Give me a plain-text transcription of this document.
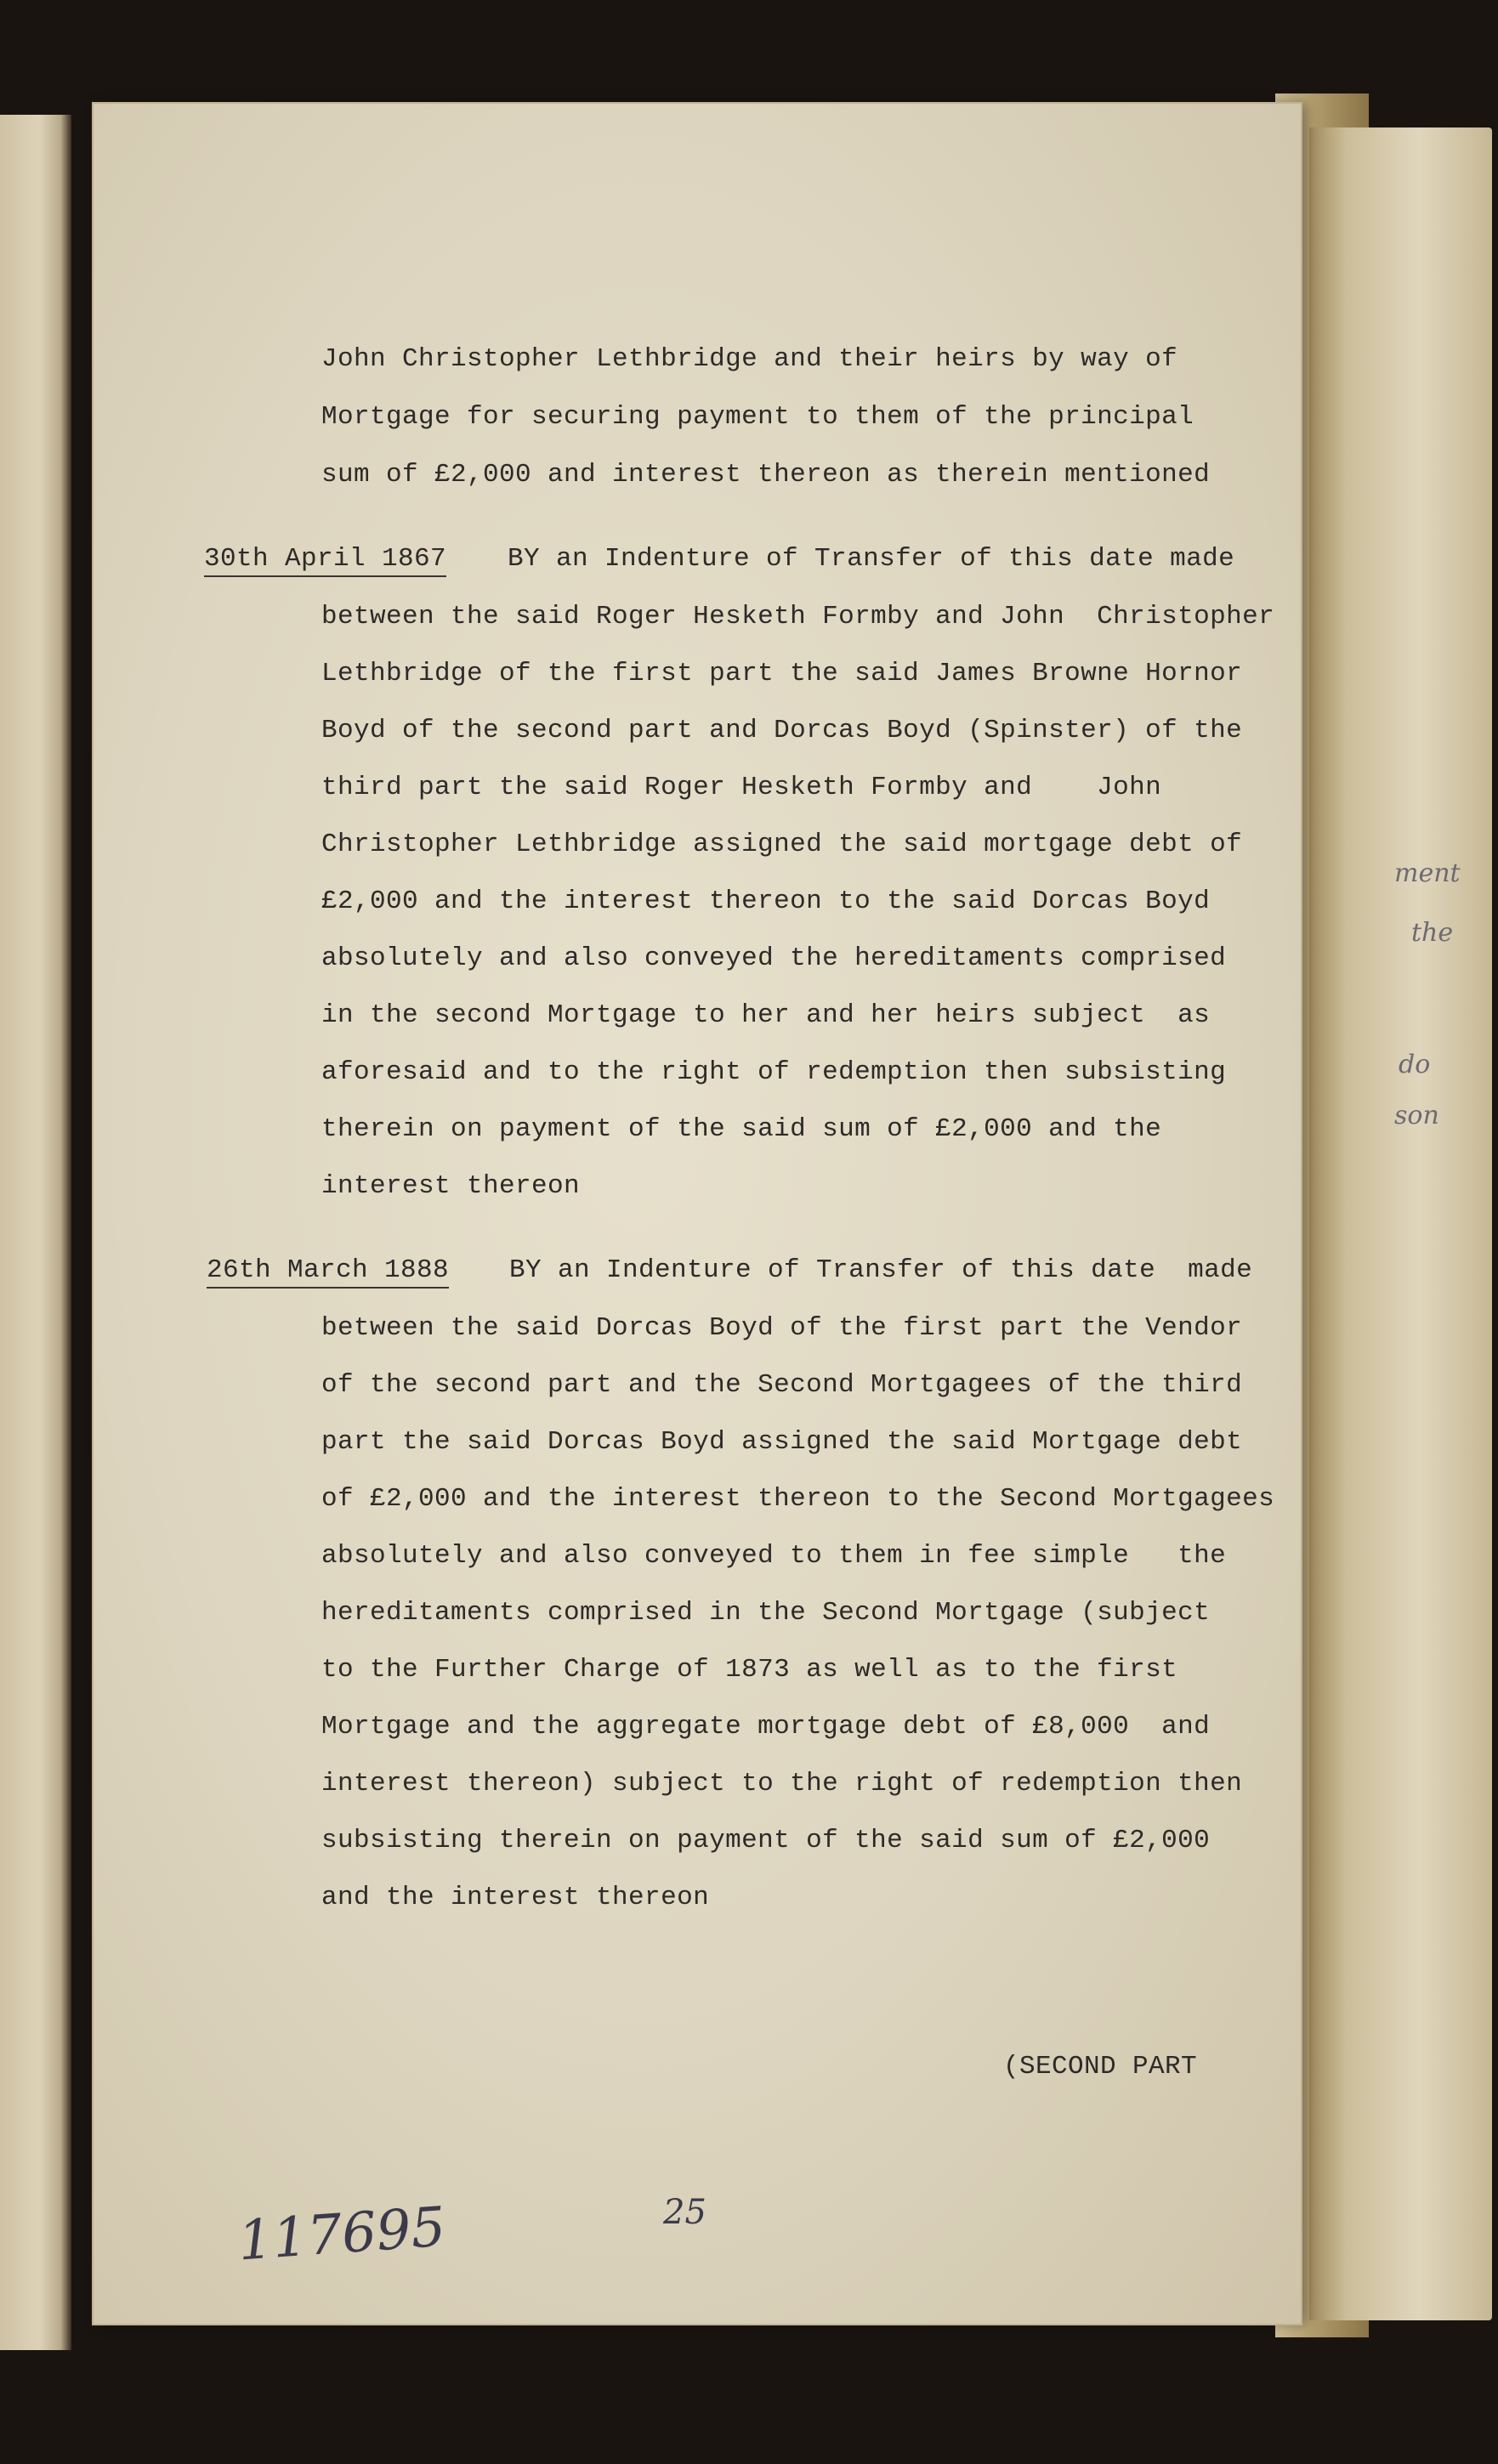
ment
the
do
son
John Christopher Lethbridge and their heirs by way of
Mortgage for securing payment to them of the principal
sum of £2,000 and interest thereon as therein mentioned
30th April 1867 BY an Indenture of Transfer of this date made
between the said Roger Hesketh Formby and John  Christopher
Lethbridge of the first part the said James Browne Hornor
Boyd of the second part and Dorcas Boyd (Spinster) of the
third part the said Roger Hesketh Formby and    John
Christopher Lethbridge assigned the said mortgage debt of
£2,000 and the interest thereon to the said Dorcas Boyd
absolutely and also conveyed the hereditaments comprised
in the second Mortgage to her and her heirs subject  as
aforesaid and to the right of redemption then subsisting
therein on payment of the said sum of £2,000 and the
interest thereon
26th March 1888 BY an Indenture of Transfer of this date  made
between the said Dorcas Boyd of the first part the Vendor
of the second part and the Second Mortgagees of the third
part the said Dorcas Boyd assigned the said Mortgage debt
of £2,000 and the interest thereon to the Second Mortgagees
absolutely and also conveyed to them in fee simple   the
hereditaments comprised in the Second Mortgage (subject
to the Further Charge of 1873 as well as to the first
Mortgage and the aggregate mortgage debt of £8,000  and
interest thereon) subject to the right of redemption then
subsisting therein on payment of the said sum of £2,000
and the interest thereon
(SECOND PART
117695	25
